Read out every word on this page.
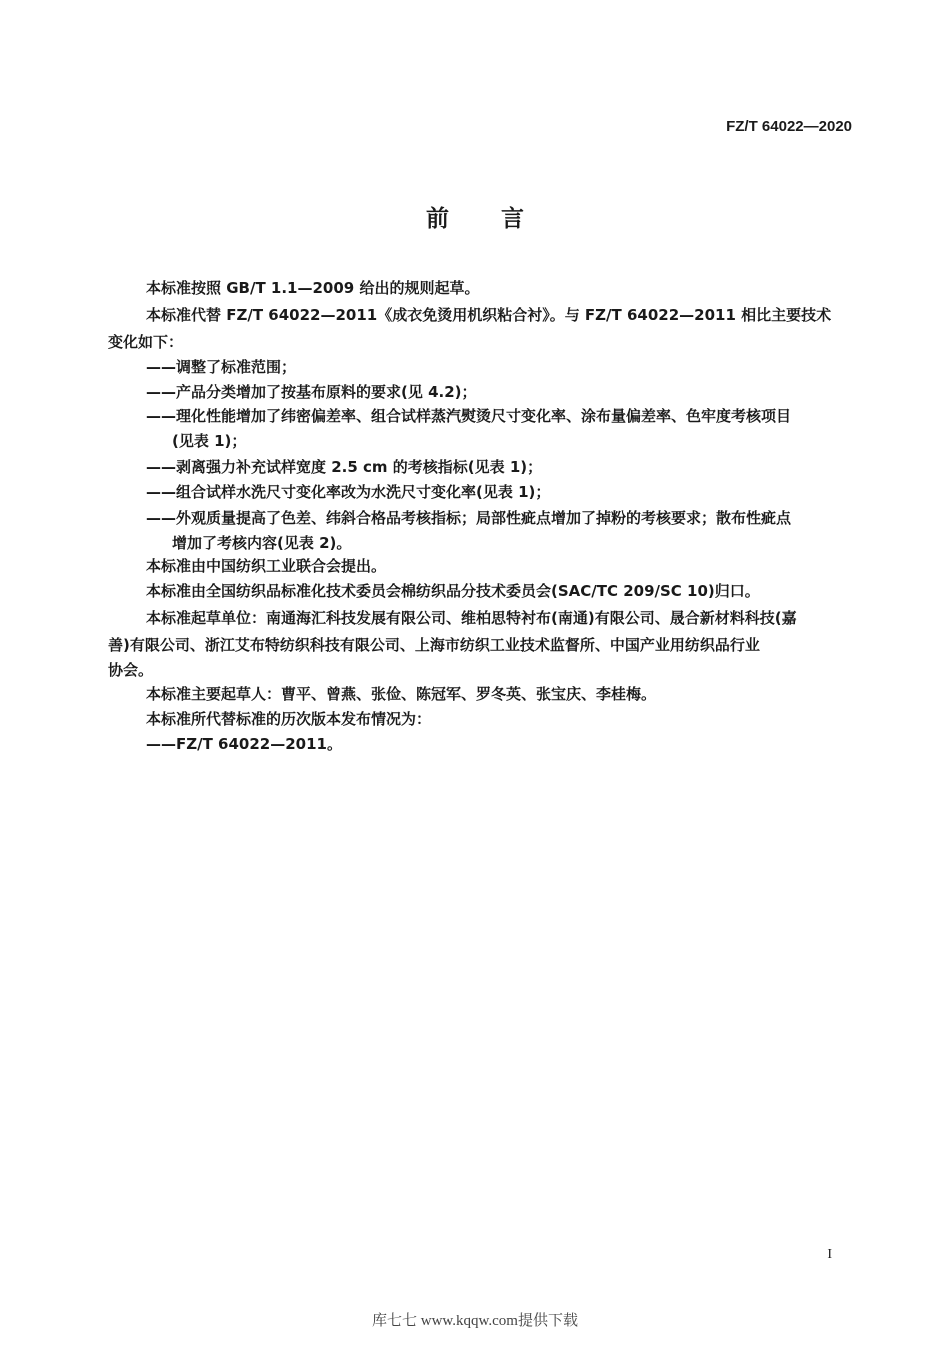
FZ/T 64022—2020
前言
本标准按照 GB/T 1.1—2009 给出的规则起草。
本标准代替 FZ/T 64022—2011《成衣免烫用机织粘合衬》。与 FZ/T 64022—2011 相比主要技术
变化如下：
——调整了标准范围；
——产品分类增加了按基布原料的要求(见 4.2)；
——理化性能增加了纬密偏差率、组合试样蒸汽熨烫尺寸变化率、涂布量偏差率、色牢度考核项目
(见表 1)；
——剥离强力补充试样宽度 2.5 cm 的考核指标(见表 1)；
——组合试样水洗尺寸变化率改为水洗尺寸变化率(见表 1)；
——外观质量提高了色差、纬斜合格品考核指标；局部性疵点增加了掉粉的考核要求；散布性疵点
增加了考核内容(见表 2)。
本标准由中国纺织工业联合会提出。
本标准由全国纺织品标准化技术委员会棉纺织品分技术委员会(SAC/TC 209/SC 10)归口。
本标准起草单位：南通海汇科技发展有限公司、维柏思特衬布(南通)有限公司、晟合新材料科技(嘉
善)有限公司、浙江艾布特纺织科技有限公司、上海市纺织工业技术监督所、中国产业用纺织品行业
协会。
本标准主要起草人：曹平、曾燕、张俭、陈冠军、罗冬英、张宝庆、李桂梅。
本标准所代替标准的历次版本发布情况为：
——FZ/T 64022—2011。
I
库七七 www.kqqw.com提供下载
